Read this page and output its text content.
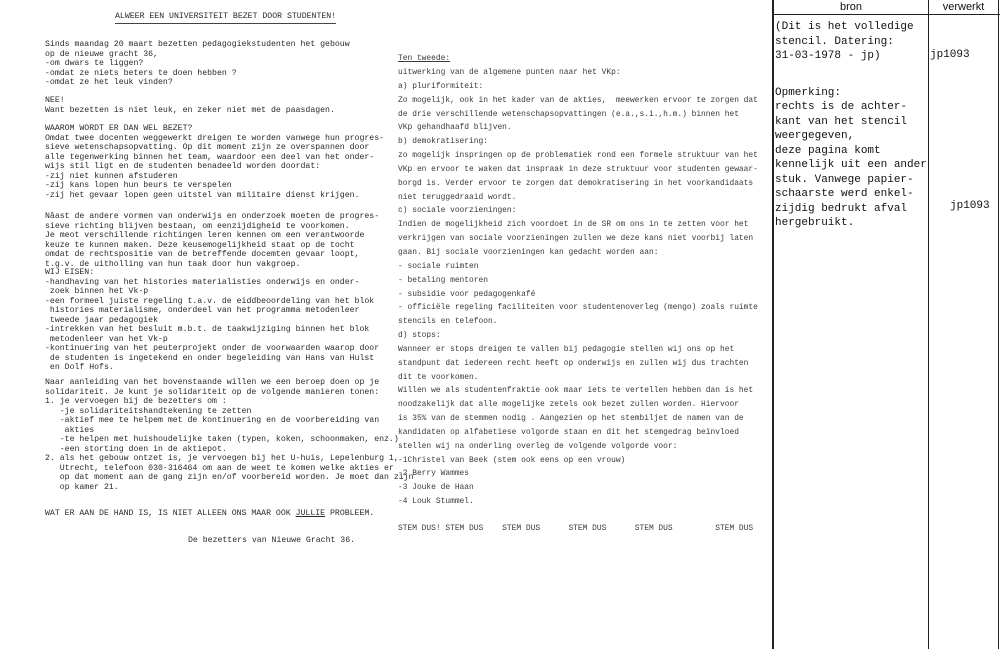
ALWEER EEN UNIVERSITEIT BEZET DOOR STUDENTEN!
Sinds maandag 20 maart bezetten pedagogiekstudenten het gebouw
op de nieuwe gracht 36,
-om dwars te liggen?
-omdat ze niets beters te doen hebben ?
-omdat ze het leuk vinden?
NEE!
Want bezetten is niet leuk, en zeker niet met de paasdagen.
WAAROM WORDT ER DAN WEL BEZET?
Omdat twee docenten weggewerkt dreigen te worden vanwege hun progres-
sieve wetenschapsopvatting. Op dit moment zijn ze overspannen door
alle tegenwerking binnen het team, waardoor een deel van het onder-
wijs stil ligt en de studenten benadeeld worden doordat:
-zij niet kunnen afstuderen
-zij kans lopen hun beurs te verspelen
-zij het gevaar lopen geen uitstel van militaire dienst krijgen.
Nâast de andere vormen van onderwijs en onderzoek moeten de progres-
sieve richting blijven bestaan, om eenzijdigheid te voorkomen.
Je meot verschillende richtingen leren kennen om een verantwoorde
keuze te kunnen maken. Deze keusemogelijkheid staat op de tocht
omdat de rechtspositie van de betreffende docemten gevaar loopt,
t.g.v. de uitholling van hun taak door hun vakgroep.
WIJ EISEN:
-handhaving van het histories materialisties onderwijs en onder-
zoek binnen het Vk-p
-een formeel juiste regeling t.a.v. de eiddbeoordeling van het blok
histories materialisme, onderdeel van het programma metodenleer
tweede jaar pedagogiek
-intrekken van het besluit m.b.t. de taakwijziging binnen het blok
metodenleer van het Vk-p
-kontinuering van het peuterprojekt onder de voorwaarden waarop door
de studenten is ingetekend en onder begeleiding van Hans van Hulst
en Dolf Hofs.
Naar aanleiding van het bovenstaande willen we een beroep doen op je
solidariteit. Je kunt je solidariteit op de volgende manieren tonen:
1. je vervoegen bij de bezetters om :
-je solidariteitshandtekening te zetten
-aktief mee te helpem met de kontinuering en de voorbereiding van
akties
-te helpen met huishoudelijke taken (typen, koken, schoonmaken, enz.)
-een storting doen in de aktiepot.
2. als het gebouw ontzet is, je vervoegen bij het U-huis, Lepelenburg 1,
Utrecht, telefoon 030-316464 om aan de weet te komen welke akties er
op dat moment aan de gang zijn en/of voorbereid worden. Je moet dan zijn
op kamer 21.
WAT ER AAN DE HAND IS, IS NIET ALLEEN ONS MAAR OOK JULLIE PROBLEEM.
De bezetters van Nieuwe Gracht 36.
Ten tweede:
uitwerking van de algemene punten naar het VKp:
a) pluriformiteit:
Zo mogelijk, ook in het kader van de akties,  meewerken ervoor te zorgen dat
de drie verschillende wetenschapsopvattingen (e.a.,s.i.,h.m.) binnen het
VKp gehandhaafd blijven.
b) demokratisering:
zo mogelijk inspringen op de problematiek rond een formele struktuur van het
VKp en ervoor te waken dat inspraak in deze struktuur voor studenten gewaar-
borgd is. Verder ervoor te zorgen dat demokratisering in het voorkandidaats
niet teruggedraaid wordt.
c) sociale voorzieningen:
Indien de mogelijkheid zich voordoet in de SR om ons in te zetten voor het
verkrijgen van sociale voorzieningen zullen we deze kans niet voorbij laten
gaan. Bij sociale voorzieningen kan gedacht worden aan:
- sociale ruimten
- betaling mentoren
- subsidie voor pedagogenkafé
- officiële regeling faciliteiten voor studentenoverleg (mengo) zoals ruimte
stencils en telefoon.
d) stops:
Wanneer er stops dreigen te vallen bij pedagogie stellen wij ons op het
standpunt dat iedereen recht heeft op onderwijs en zullen wij dus trachten
dit te voorkomen.
Willen we als studentenfraktie ook maar iets te vertellen hebben dan is het
noodzakelijk dat alle mogelijke zetels ook bezet zullen worden. Hiervoor
is 35% van de stemmen nodig . Aangezien op het stembiljet de namen van de
kandidaten op alfabetiese volgorde staan en dit het stemgedrag beïnvloed
stellen wij na onderling overleg de volgende volgorde voor:
-1Christel van Beek (stem ook eens op een vrouw)
-2 Berry Wammes
-3 Jouke de Haan
-4 Louk Stummel.
STEM DUS! STEM DUS    STEM DUS      STEM DUS      STEM DUS         STEM DUS
bron	verwerkt
(Dit is het volledige
stencil. Datering:
31-03-1978 - jp)
Opmerking:
rechts is de achter-
kant van het stencil
weergegeven,
deze pagina komt
kennelijk uit een ander
stuk. Vanwege papier-
schaarste werd enkel-
zijdig bedrukt afval
hergebruikt.
jp1093
jp1093
